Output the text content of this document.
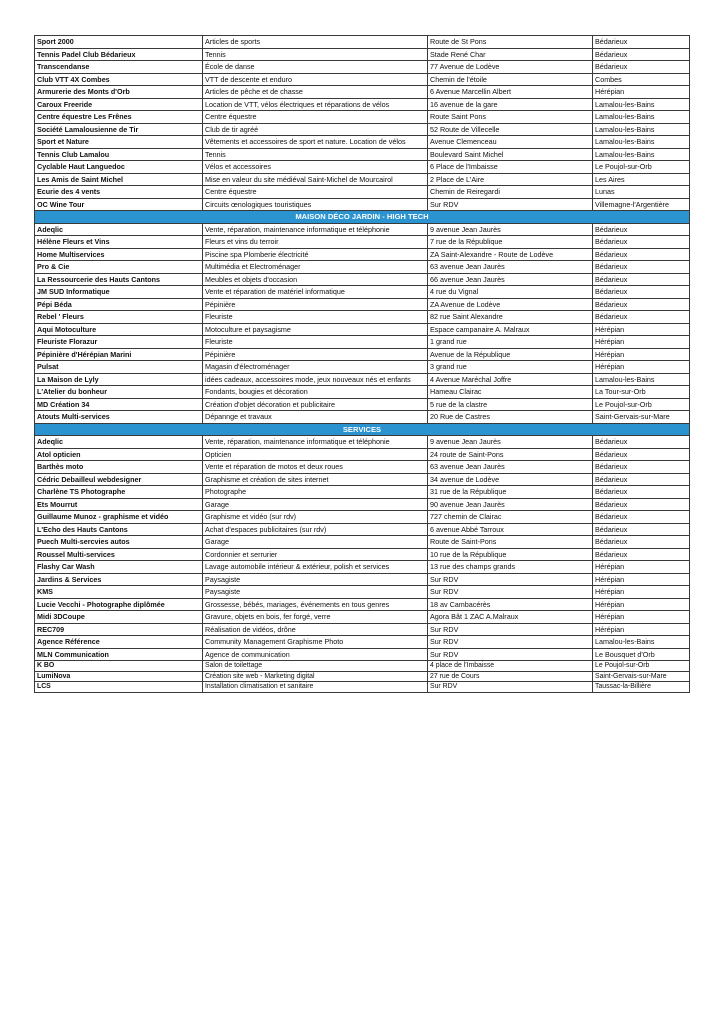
Sport 2000	Articles de sports	Route de St Pons	Bédarieux
Tennis Padel Club Bédarieux	Tennis	Stade René Char	Bédarieux
Transcendanse	École de danse	77 Avenue de Lodève	Bédarieux
Club VTT 4X Combes	VTT de descente et enduro	Chemin de l'étoile	Combes
Armurerie des Monts d'Orb	Articles de pêche et de chasse	6 Avenue Marcellin Albert	Hérépian
Caroux Freeride	Location de VTT, vélos électriques et réparations de vélos	16 avenue de la gare	Lamalou-les-Bains
Centre équestre Les Frênes	Centre équestre	Route Saint Pons	Lamalou-les-Bains
Société Lamalousienne de Tir	Club de tir agréé	52 Route de Villecelle	Lamalou-les-Bains
Sport et Nature	Vêtements et accessoires de sport et nature. Location de vélos	Avenue Clemenceau	Lamalou-les-Bains
Tennis Club Lamalou	Tennis	Boulevard Saint Michel	Lamalou-les-Bains
Cyclable Haut Languedoc	Vélos et accessoires	6 Place de l'Imbaisse	Le Poujol-sur-Orb
Les Amis de Saint Michel	Mise en valeur du site médiéval Saint-Michel de Mourcairol	2 Place de L'Aire	Les Aires
Ecurie des 4 vents	Centre équestre	Chemin de Reiregardi	Lunas
OC Wine Tour	Circuits œnologiques touristiques	Sur RDV	Villemagne-l'Argentière
MAISON DÉCO JARDIN - HIGH TECH			
Adeqlic	Vente, réparation, maintenance informatique et téléphonie	9 avenue Jean Jaurès	Bédarieux
Hélène Fleurs et Vins	Fleurs et vins du terroir	7 rue de la République	Bédarieux
Home Multiservices	Piscine spa Plomberie électricité	ZA Saint-Alexandre - Route de Lodève	Bédarieux
Pro & Cie	Multimédia et Electroménager	63 avenue Jean Jaurès	Bédarieux
La Ressourcerie des Hauts Cantons	Meubles et objets d'occasion	66 avenue Jean Jaurès	Bédarieux
JM SUD Informatique	Vente et réparation de matériel informatique	4 rue du Vignal	Bédarieux
Pépi Béda	Pépinière	ZA Avenue de Lodève	Bédarieux
Rebel ' Fleurs	Fleuriste	82 rue Saint Alexandre	Bédarieux
Aqui Motoculture	Motoculture et paysagisme	Espace campanaire A. Malraux	Hérépian
Fleuriste Florazur	Fleuriste	1 grand rue	Hérépian
Pépinière d'Hérépian Marini	Pépinière	Avenue de la République	Hérépian
Pulsat	Magasin d'électroménager	3 grand rue	Hérépian
La Maison de Lyly	idées cadeaux, accessoires mode, jeux nouveaux nés et enfants	4 Avenue Maréchal Joffre	Lamalou-les-Bains
L'Atelier du bonheur	Fondants, bougies et décoration	Hameau Clairac	La Tour-sur-Orb
MD Création 34	Création d'objet décoration et publicitaire	5 rue de la clastre	Le Poujol-sur-Orb
Atouts Multi-services	Dépannge et travaux	20 Rue de Castres	Saint-Gervais-sur-Mare
SERVICES			
Adeqlic	Vente, réparation, maintenance informatique et téléphonie	9 avenue Jean Jaurès	Bédarieux
Atol opticien	Opticien	24 route de Saint-Pons	Bédarieux
Barthès moto	Vente et réparation de motos et deux roues	63 avenue Jean Jaurès	Bédarieux
Cédric Debailleul webdesigner	Graphisme et création de sites internet	34 avenue de Lodève	Bédarieux
Charlène TS Photographe	Photographe	31 rue de la République	Bédarieux
Ets Mourrut	Garage	90 avenue Jean Jaurès	Bédarieux
Guillaume Munoz - graphisme et vidéo	Graphisme et vidéo (sur rdv)	727 chemin de Clairac	Bédarieux
L'Echo des Hauts Cantons	Achat d'espaces publicitaires (sur rdv)	6 avenue Abbé Tarroux	Bédarieux
Puech Multi-sercvies autos	Garage	Route de Saint-Pons	Bédarieux
Roussel Multi-services	Cordonnier et serrurier	10 rue de la République	Bédarieux
Flashy Car Wash	Lavage automobile intérieur & extérieur, polish et services	13 rue des champs grands	Hérépian
Jardins & Services	Paysagiste	Sur RDV	Hérépian
KMS	Paysagiste	Sur RDV	Hérépian
Lucie Vecchi - Photographe diplômée	Grossesse, bébés, mariages, événements en tous genres	18 av Cambacérès	Hérépian
Midi 3DCoupe	Gravure, objets en bois, fer forgé, verre	Agora Bât 1 ZAC A.Malraux	Hérépian
REC709	Réalisation de vidéos, drône	Sur RDV	Hérépian
Agence Référence	Community Management Graphisme Photo	Sur RDV	Lamalou-les-Bains
MLN Communication	Agence de communication	Sur RDV	Le Bousquet d'Orb
K BO	Salon de toilettage	4 place de l'Imbaisse	Le Poujol-sur-Orb
LumiNova	Création site web - Marketing digital	27 rue de Cours	Saint-Gervais-sur-Mare
LCS	Installation climatisation et sanitaire	Sur RDV	Taussac-la-Billière
